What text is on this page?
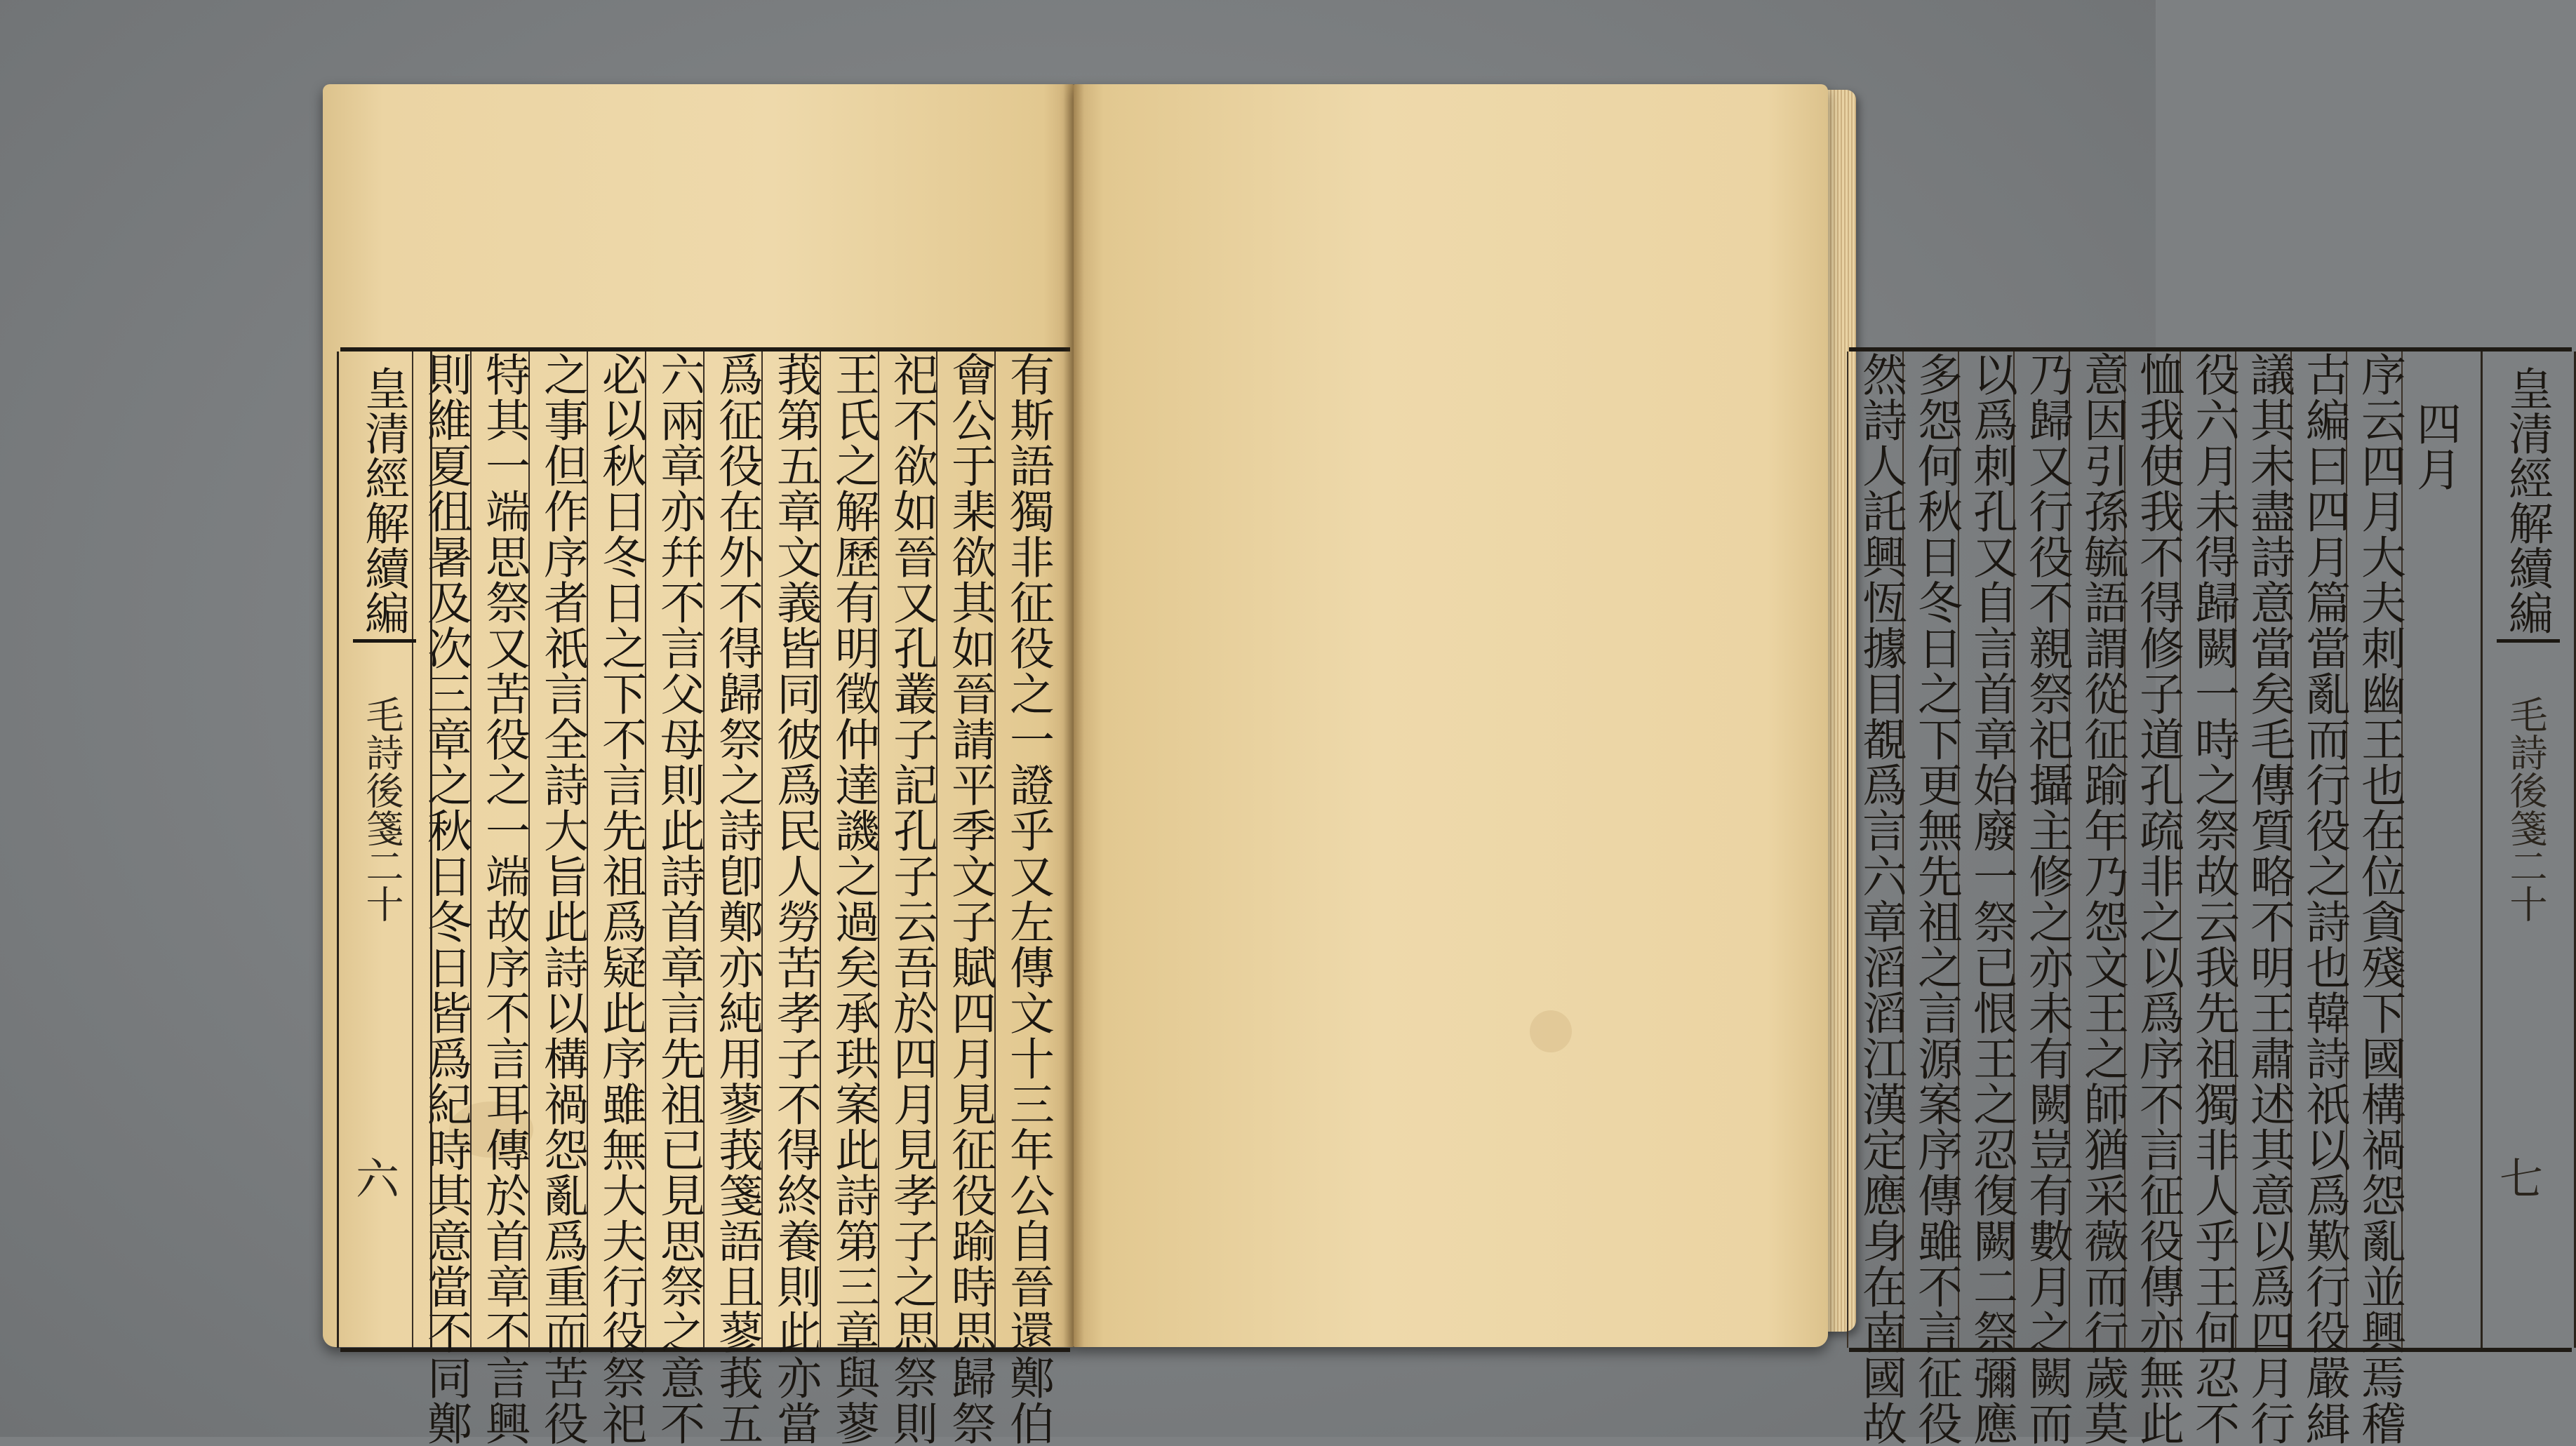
有斯語獨非征役之一證乎又左傳文十三年公自晉還鄭伯
會公于棐欲其如晉請平季文子賦四月見征役踰時思歸祭
祀不欲如晉又孔叢子記孔子云吾於四月見孝子之思祭則
王氏之解歷有明徵仲達譏之過矣承珙案此詩第三章與蓼
莪第五章文義皆同彼爲民人勞苦孝子不得終養則此亦當
爲征役在外不得歸祭之詩卽鄭亦純用蓼莪箋語且蓼莪五
六兩章亦幷不言父母則此詩首章言先祖已見思祭之意不
必以秋日冬日之下不言先祖爲疑此序雖無大夫行役祭祀
之事但作序者祇言全詩大旨此詩以構禍怨亂爲重而苦役
特其一端思祭又苦役之一端故序不言耳傳於首章不言興
則維夏徂暑及次三章之秋日冬日皆爲紀時其意當不同鄭
皇清經解續編
毛詩後箋二十
六
四月
序云四月大夫刺幽王也在位貪殘下國構禍怨亂並興焉稽
古編曰四月篇當亂而行役之詩也韓詩祇以爲歎行役嚴緝
議其未盡詩意當矣毛傳質略不明王肅述其意以爲四月行
役六月未得歸闕一時之祭故云我先祖獨非人乎王何忍不
恤我使我不得修子道孔疏非之以爲序不言征役傳亦無此
意因引孫毓語謂從征踰年乃怨文王之師猶采薇而行歲莫
乃歸又行役不親祭祀攝主修之亦未有闕豈有數月之闕而
以爲刺孔又自言首章始廢一祭已恨王之忍復闕二祭彌應
多怨何秋日冬日之下更無先祖之言源案序傳雖不言征役
然詩人託興恆據目覩爲言六章滔滔江漢定應身在南國故	皇清經解續編
毛詩後箋二十
七
